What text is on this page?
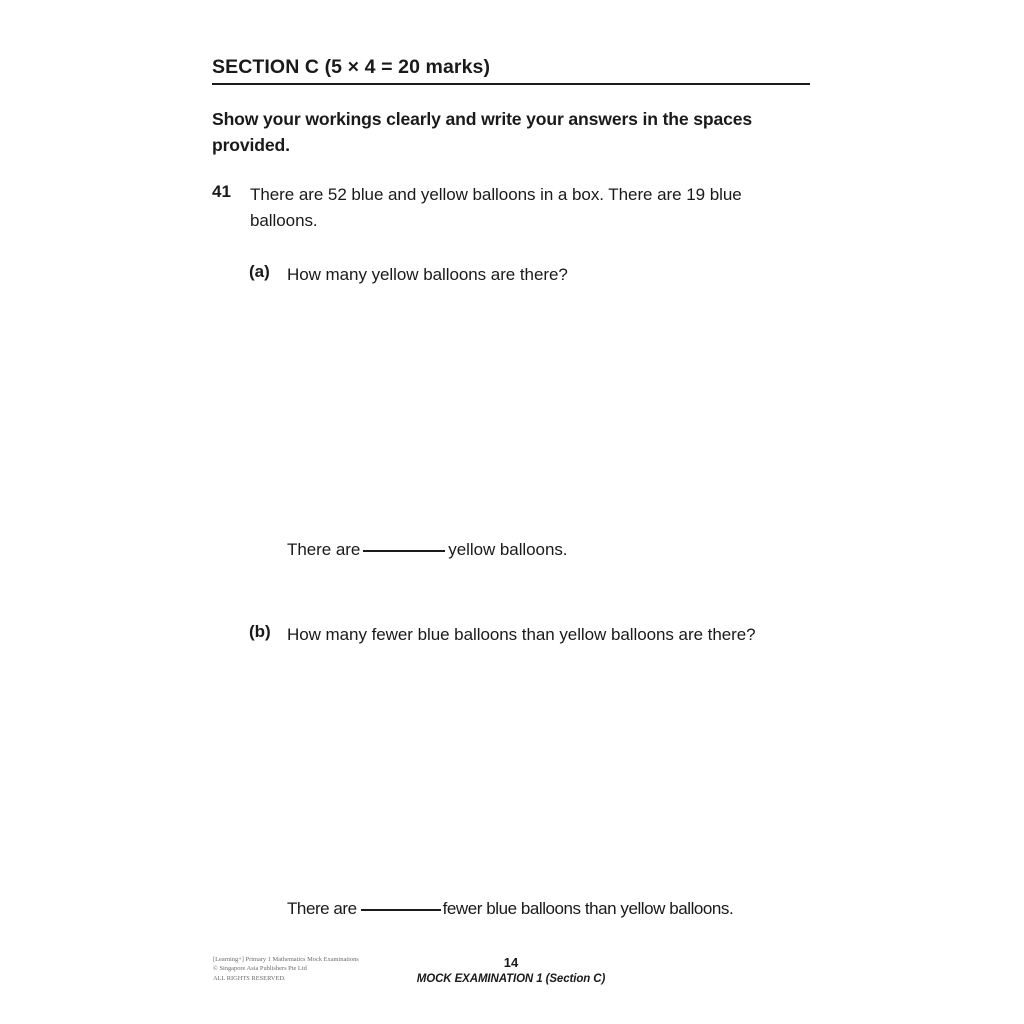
SECTION C (5 × 4 = 20 marks)
Show your workings clearly and write your answers in the spaces provided.
41 There are 52 blue and yellow balloons in a box. There are 19 blue balloons.
(a) How many yellow balloons are there?
There are	yellow balloons.
(b) How many fewer blue balloons than yellow balloons are there?
There are	fewer blue balloons than yellow balloons.
[Learning+] Primary 1 Mathematics Mock Examinations
© Singapore Asia Publishers Pte Ltd
ALL RIGHTS RESERVED.
14
MOCK EXAMINATION 1 (Section C)
